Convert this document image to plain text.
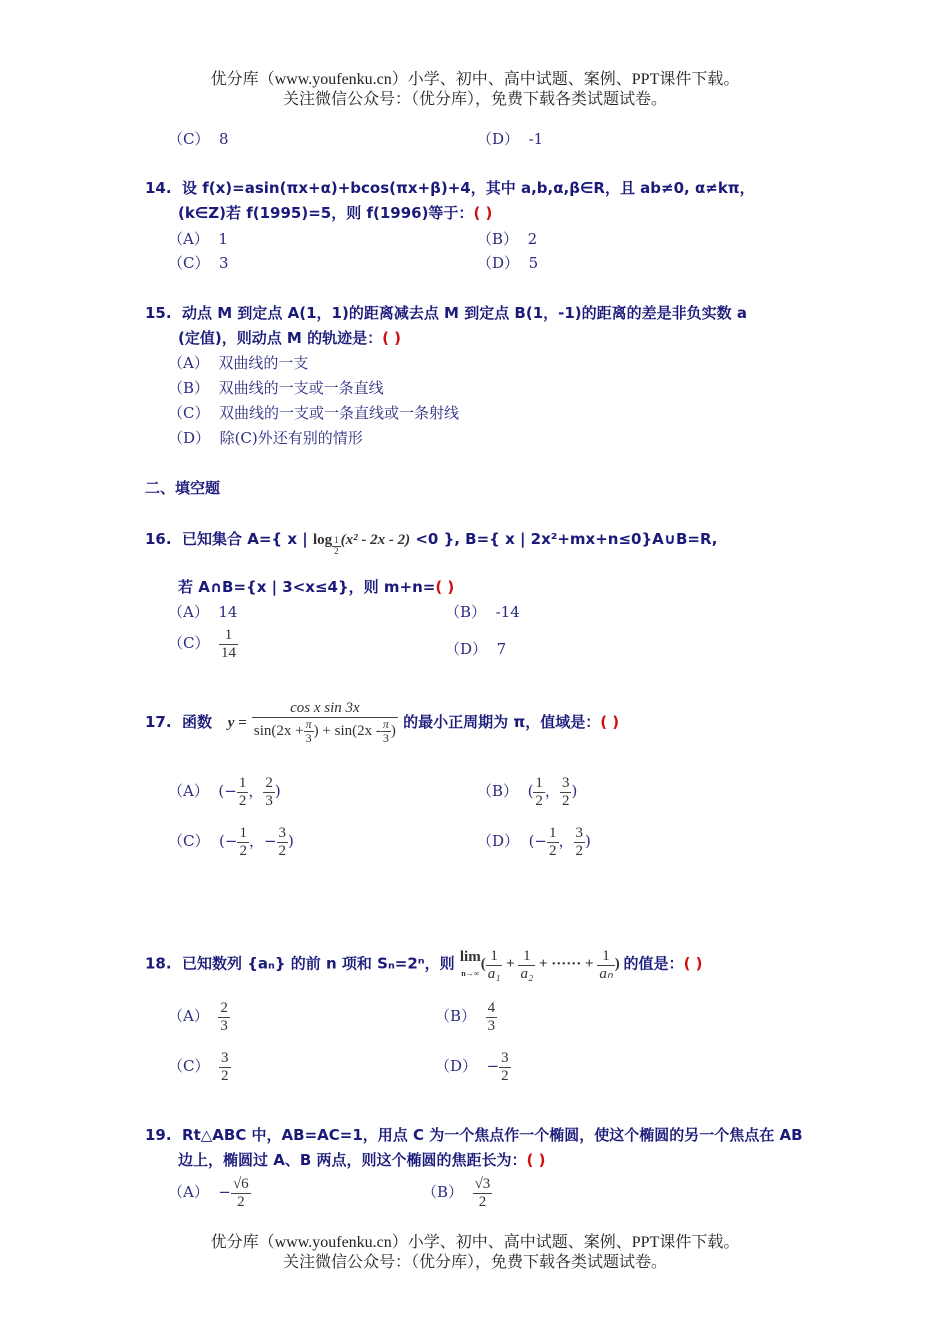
优分库（www.youfenku.cn）小学、初中、高中试题、案例、PPT课件下载。
关注微信公众号：（优分库），免费下载各类试题试卷。
（C） 8	（D） -1
14. 设 f(x)=asin(πx+α)+bcos(πx+β)+4，其中 a,b,α,β∈R，且 ab≠0, α≠kπ，
(k∈Z)若 f(1995)=5，则 f(1996)等于：( )
（A） 1	（B） 2
（C） 3	（D） 5
15. 动点 M 到定点 A(1，1)的距离减去点 M 到定点 B(1，-1)的距离的差是非负实数 a
(定值)，则动点 M 的轨迹是：( )
（A） 双曲线的一支
（B） 双曲线的一支或一条直线
（C） 双曲线的一支或一条直线或一条射线
（D） 除(C)外还有别的情形
二、填空题
16. 已知集合 A={ x | $\log \frac{1}{2} (x^2 - 2x - 2) <0$ }, B={ x | 2x²+mx+n≤0}A∪B=R,
若 A∩B={x | 3<x≤4}，则 m+n=( )
（A） 14	（B） -14
$(C) \frac{1}{14}$	（D） 7
17. 函数 $y = \frac{\text{cos x sin 3x}}{\sin(2x + \frac{\pi}{3} ) + \sin(2x - \frac{\pi}{3} )}$ 的最小正周期为 π，值域是：( )
（A）  (− $\frac{1}{2}$ ， $\frac{2}{3}$ )	（B）  ( $\frac{1}{2}$ ， $\frac{3}{2}$ )
（C）  (− $\frac{1}{2}$ ，− $\frac{3}{2}$ )	（D）  (− $\frac{1}{2}$ ， $\frac{3}{2}$ )
18. 已知数列 {aₙ} 的前 n 项和 Sₙ=2ⁿ，则 lim
$n\to\infty( \frac{1}{\text{a₁}} + \frac{1}{\text{a₂}}$ + ······ + $\frac{1}{\text{aₙ}}$ ) 的值是：( )
$(A) \frac{2}{3}$	$(B) \frac{4}{3}$
$(C) \frac{3}{2}$	$(D) - \frac{3}{2}$
19. Rt△ABC 中，AB=AC=1，用点 C 为一个焦点作一个椭圆，使这个椭圆的另一个焦点在 AB
边上，椭圆过 A、B 两点，则这个椭圆的焦距长为：( )
$(A) - \frac{√6}{2}$	$(B) \frac{√3}{2}$
优分库（www.youfenku.cn）小学、初中、高中试题、案例、PPT课件下载。
关注微信公众号：（优分库），免费下载各类试题试卷。
